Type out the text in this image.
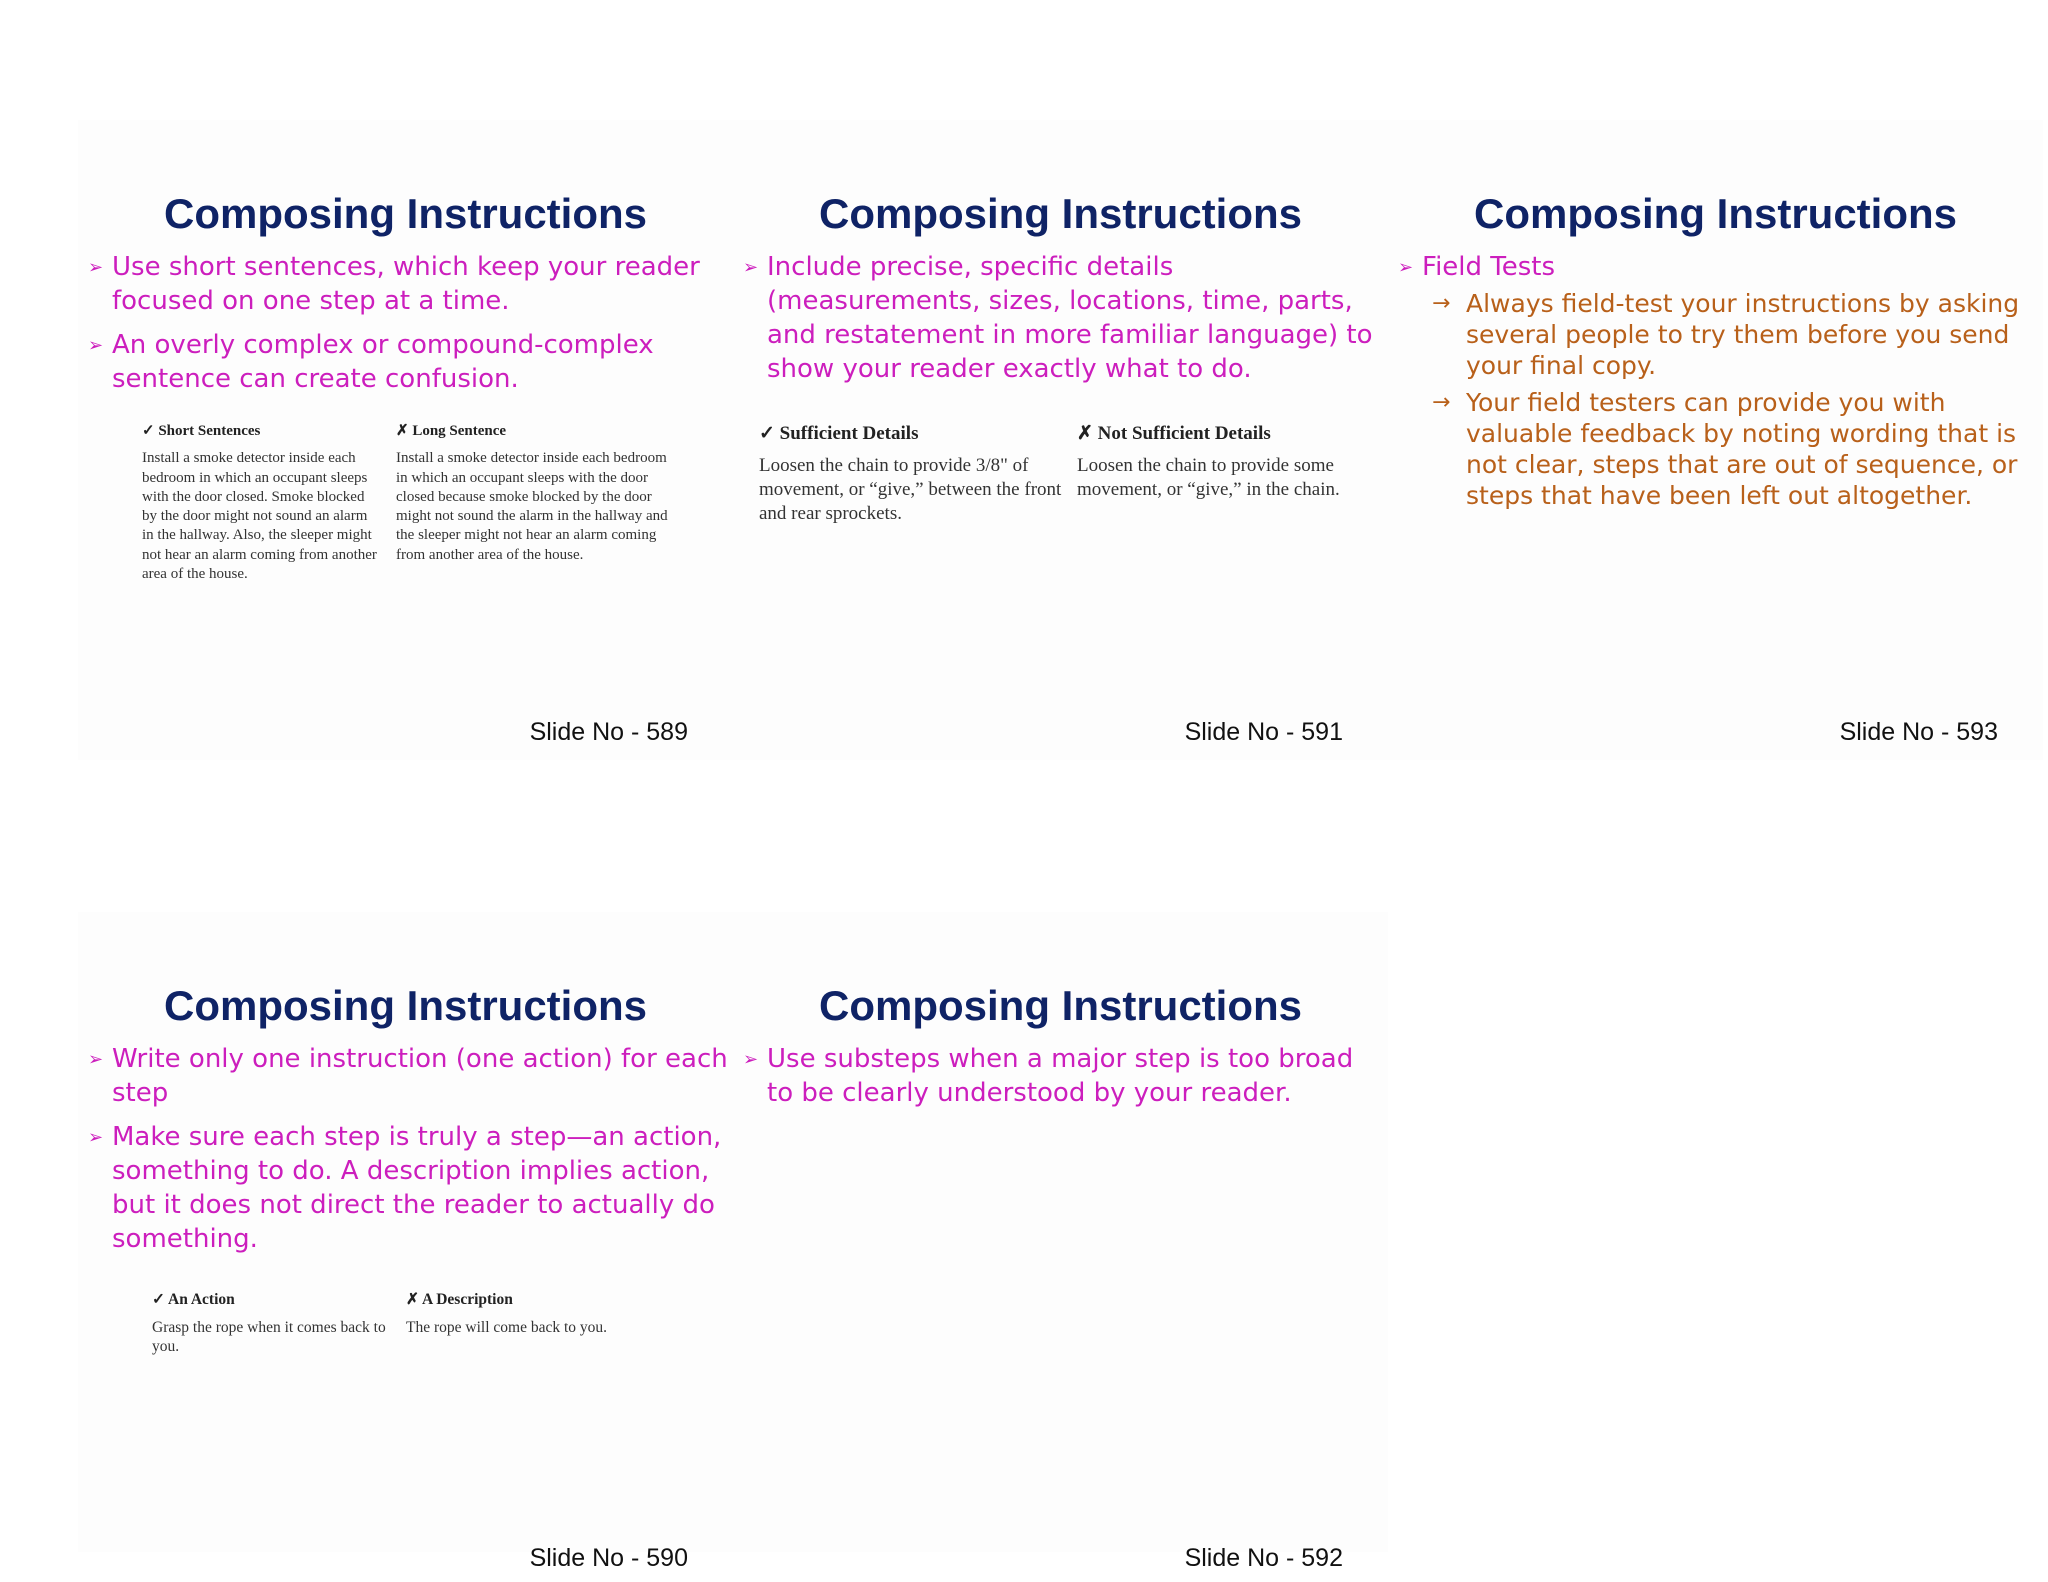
Composing Instructions
➢ Use short sentences, which keep your reader focused on one step at a time.
➢ An overly complex or compound-complex sentence can create confusion.
✓ Short Sentences
Install a smoke detector inside each bedroom in which an occupant sleeps with the door closed. Smoke blocked by the door might not sound an alarm in the hallway. Also, the sleeper might not hear an alarm coming from another area of the house.
✗ Long Sentence
Install a smoke detector inside each bedroom in which an occupant sleeps with the door closed because smoke blocked by the door might not sound the alarm in the hallway and the sleeper might not hear an alarm coming from another area of the house.
Slide No - 589
Composing Instructions
➢ Include precise, specific details (measurements, sizes, locations, time, parts, and restatement in more familiar language) to show your reader exactly what to do.
✓ Sufficient Details
Loosen the chain to provide 3/8" of movement, or “give,” between the front and rear sprockets.
✗ Not Sufficient Details
Loosen the chain to provide some movement, or “give,” in the chain.
Slide No - 591
Composing Instructions
➢ Field Tests
→ Always field-test your instructions by asking several people to try them before you send your final copy.
→ Your field testers can provide you with valuable feedback by noting wording that is not clear, steps that are out of sequence, or steps that have been left out altogether.
Slide No - 593
Composing Instructions
➢ Write only one instruction (one action) for each step
➢ Make sure each step is truly a step—an action, something to do. A description implies action, but it does not direct the reader to actually do something.
✓ An Action
Grasp the rope when it comes back to you.
✗ A Description
The rope will come back to you.
Slide No - 590
Composing Instructions
➢ Use substeps when a major step is too broad to be clearly understood by your reader.
Slide No - 592
